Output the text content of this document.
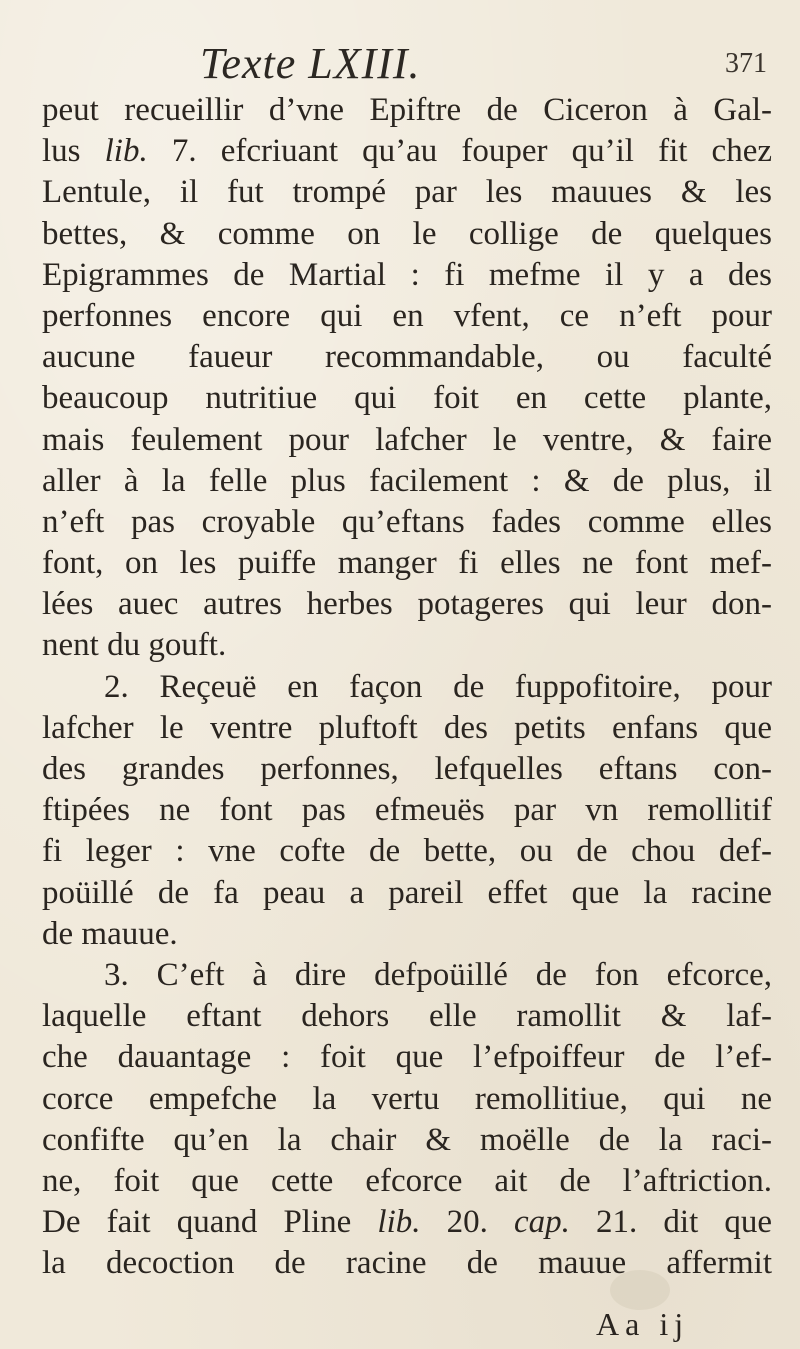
Texte LXIII.	371
peut recueillir d’vne Epiftre de Ciceron à Gal-
lus lib. 7. efcriuant qu’au fouper qu’il fit chez
Lentule, il fut trompé par les mauues & les
bettes, & comme on le collige de quelques
Epigrammes de Martial : fi mefme il y a des
perfonnes encore qui en vfent, ce n’eft pour
aucune faueur recommandable, ou faculté
beaucoup nutritiue qui foit en cette plante,
mais feulement pour lafcher le ventre, & faire
aller à la felle plus facilement : & de plus, il
n’eft pas croyable qu’eftans fades comme elles
font, on les puiffe manger fi elles ne font mef-
lées auec autres herbes potageres qui leur don-
nent du gouft.
2. Reçeuë en façon de fuppofitoire, pour
lafcher le ventre pluftoft des petits enfans que
des grandes perfonnes, lefquelles eftans con-
ftipées ne font pas efmeuës par vn remollitif
fi leger : vne cofte de bette, ou de chou def-
poüillé de fa peau a pareil effet que la racine
de mauue.
3. C’eft à dire defpoüillé de fon efcorce,
laquelle eftant dehors elle ramollit & laf-
che dauantage : foit que l’efpoiffeur de l’ef-
corce empefche la vertu remollitiue, qui ne
confifte qu’en la chair & moëlle de la raci-
ne, foit que cette efcorce ait de l’aftriction.
De fait quand Pline lib. 20. cap. 21. dit que
la decoction de racine de mauue affermit
Aa ij
